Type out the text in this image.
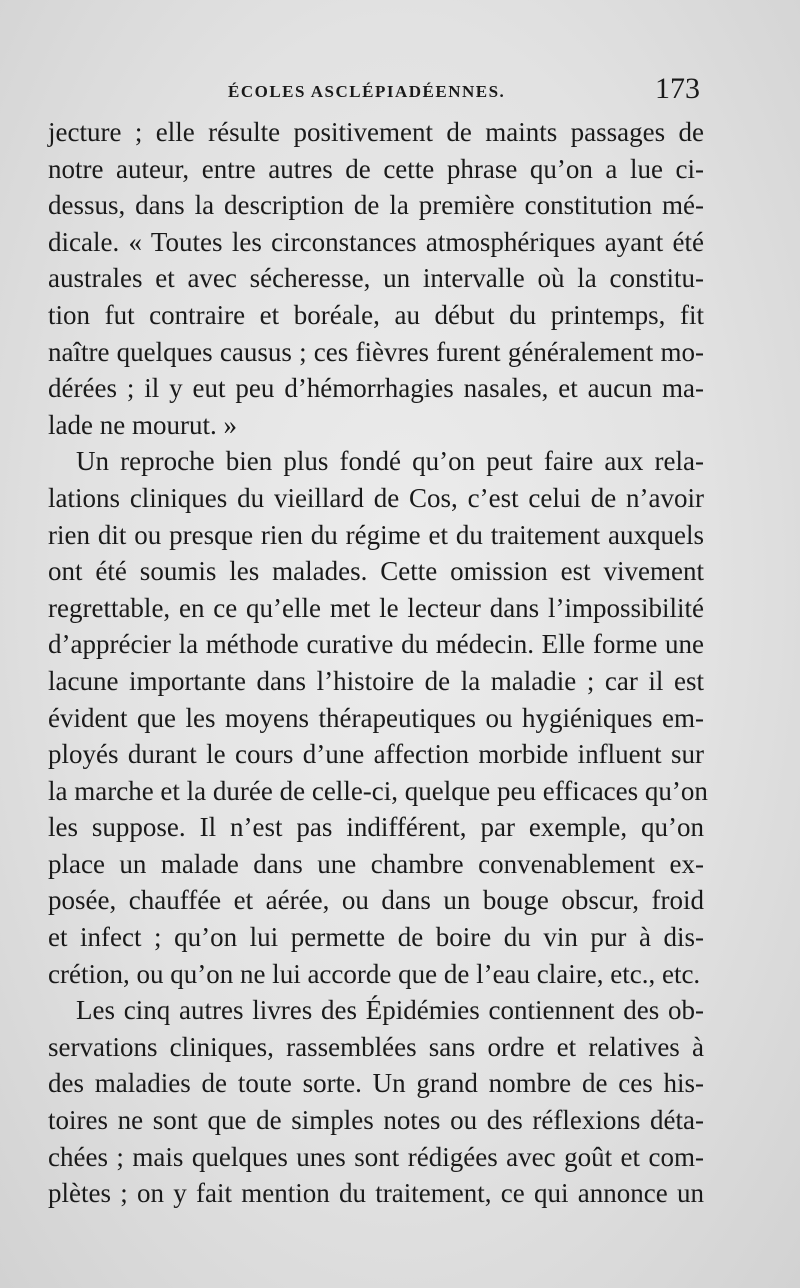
ÉCOLES ASCLÉPIADÉENNES.	173
jecture ; elle résulte positivement de maints passages de
notre auteur, entre autres de cette phrase qu’on a lue ci-
dessus, dans la description de la première constitution mé-
dicale. « Toutes les circonstances atmosphériques ayant été
australes et avec sécheresse, un intervalle où la constitu-
tion fut contraire et boréale, au début du printemps, fit
naître quelques causus ; ces fièvres furent généralement mo-
dérées ; il y eut peu d’hémorrhagies nasales, et aucun ma-
lade ne mourut. »
Un reproche bien plus fondé qu’on peut faire aux rela-
lations cliniques du vieillard de Cos, c’est celui de n’avoir
rien dit ou presque rien du régime et du traitement auxquels
ont été soumis les malades. Cette omission est vivement
regrettable, en ce qu’elle met le lecteur dans l’impossibilité
d’apprécier la méthode curative du médecin. Elle forme une
lacune importante dans l’histoire de la maladie ; car il est
évident que les moyens thérapeutiques ou hygiéniques em-
ployés durant le cours d’une affection morbide influent sur
la marche et la durée de celle-ci, quelque peu efficaces qu’on
les suppose. Il n’est pas indifférent, par exemple, qu’on
place un malade dans une chambre convenablement ex-
posée, chauffée et aérée, ou dans un bouge obscur, froid
et infect ; qu’on lui permette de boire du vin pur à dis-
crétion, ou qu’on ne lui accorde que de l’eau claire, etc., etc.
Les cinq autres livres des Épidémies contiennent des ob-
servations cliniques, rassemblées sans ordre et relatives à
des maladies de toute sorte. Un grand nombre de ces his-
toires ne sont que de simples notes ou des réflexions déta-
chées ; mais quelques unes sont rédigées avec goût et com-
plètes ; on y fait mention du traitement, ce qui annonce un
